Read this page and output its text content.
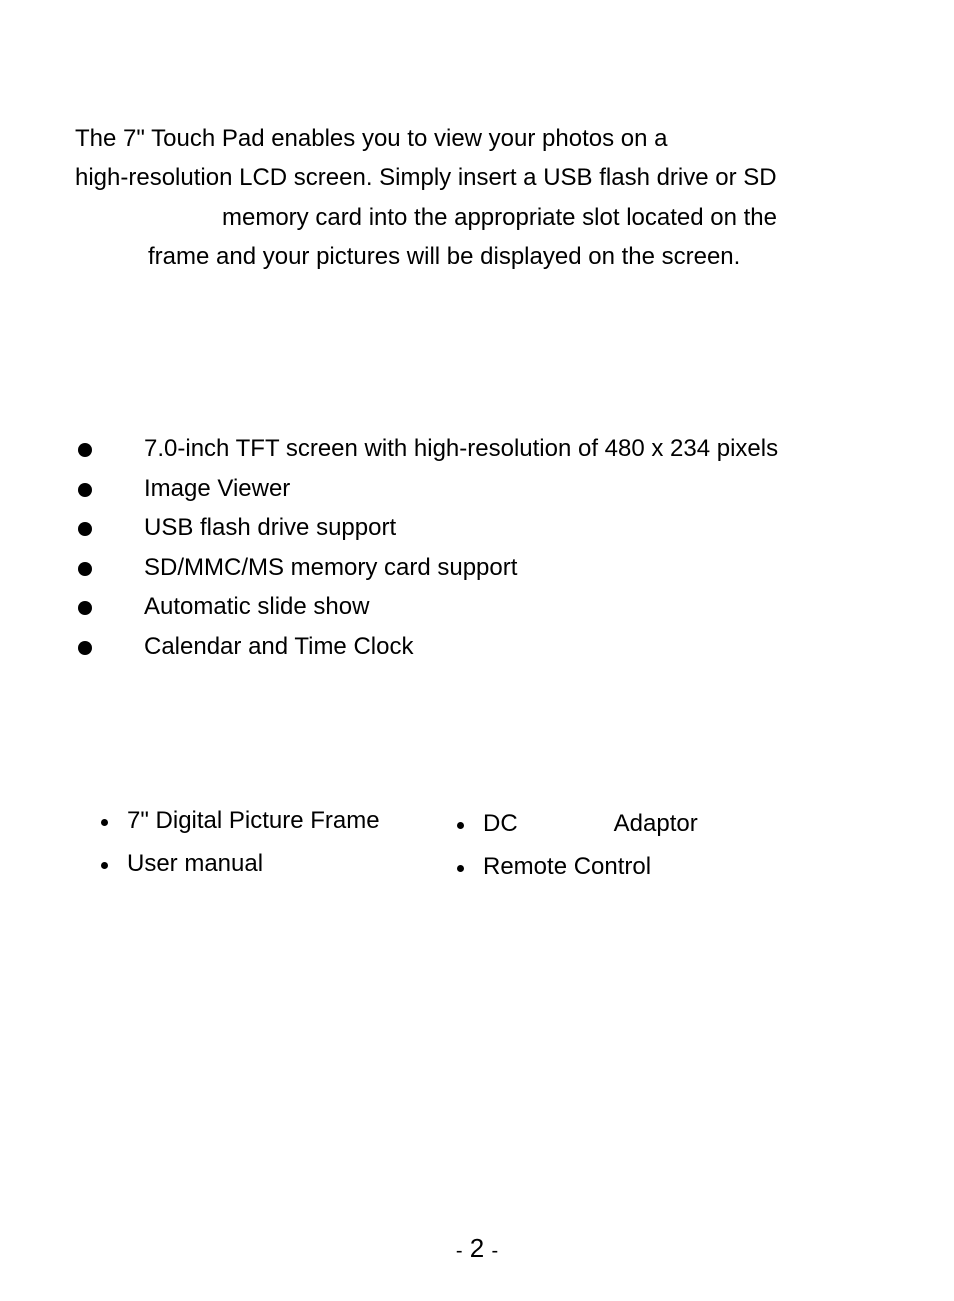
The 7" Touch Pad enables you to view your photos on a
high-resolution LCD screen. Simply insert a USB flash drive or SD
memory card into the appropriate slot located on the
frame and your pictures will be displayed on the screen.
7.0-inch TFT screen with high-resolution of 480 x 234 pixels
Image Viewer
USB flash drive support
SD/MMC/MS memory card support
Automatic slide show
Calendar and Time Clock
7" Digital Picture Frame
User manual
DC	Adaptor
Remote Control
- 2 -
